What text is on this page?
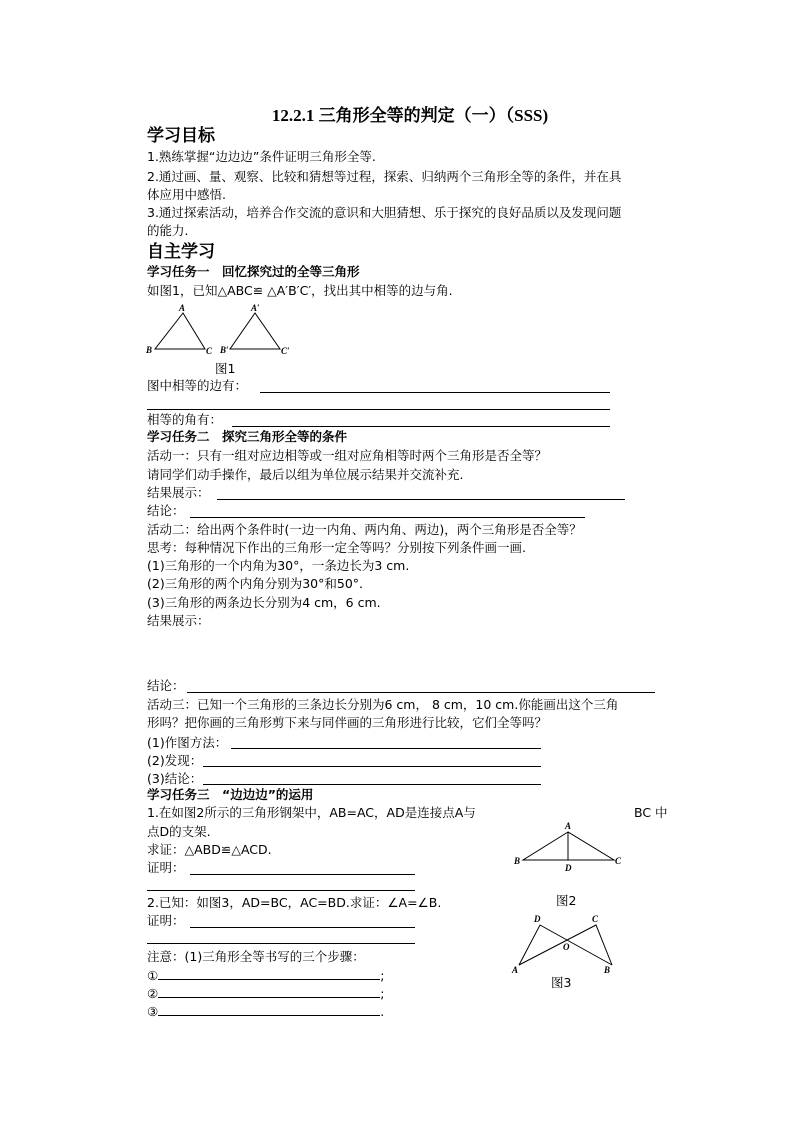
12.2.1 三角形全等的判定（一）（SSS)
学习目标
1.熟练掌握“边边边”条件证明三角形全等.
2.通过画、量、观察、比较和猜想等过程，探索、归纳两个三角形全等的条件，并在具
体应用中感悟.
3.通过探索活动，培养合作交流的意识和大胆猜想、乐于探究的良好品质以及发现问题
的能力.
自主学习
学习任务一　回忆探究过的全等三角形
如图1，已知△ABC≌ △A′B′C′，找出其中相等的边与角.
A
B	C
A′
B′	C′
A
B
D
C
D	C
O
A	B
图1
图中相等的边有：
相等的角有：
学习任务二　探究三角形全等的条件
活动一：只有一组对应边相等或一组对应角相等时两个三角形是否全等？
请同学们动手操作，最后以组为单位展示结果并交流补充.
结果展示：
结论：
活动二：给出两个条件时(一边一内角、两内角、两边)，两个三角形是否全等？
思考：每种情况下作出的三角形一定全等吗？分别按下列条件画一画.
(1)三角形的一个内角为30°，一条边长为3 cm.
(2)三角形的两个内角分别为30°和50°.
(3)三角形的两条边长分别为4 cm，6 cm.
结果展示：
结论：
活动三：已知一个三角形的三条边长分别为6 cm， 8 cm，10 cm.你能画出这个三角
形吗？把你画的三角形剪下来与同伴画的三角形进行比较，它们全等吗？
(1)作图方法：
(2)发现：
(3)结论：
学习任务三　“边边边”的运用
1.在如图2所示的三角形钢架中，AB=AC，AD是连接点A与	BC 中
点D的支架.
求证：△ABD≌△ACD.
证明：
图2
2.已知：如图3，AD=BC，AC=BD.求证：∠A=∠B.
证明：
注意：(1)三角形全等书写的三个步骤：
图3
①	;
②	;
③	.
